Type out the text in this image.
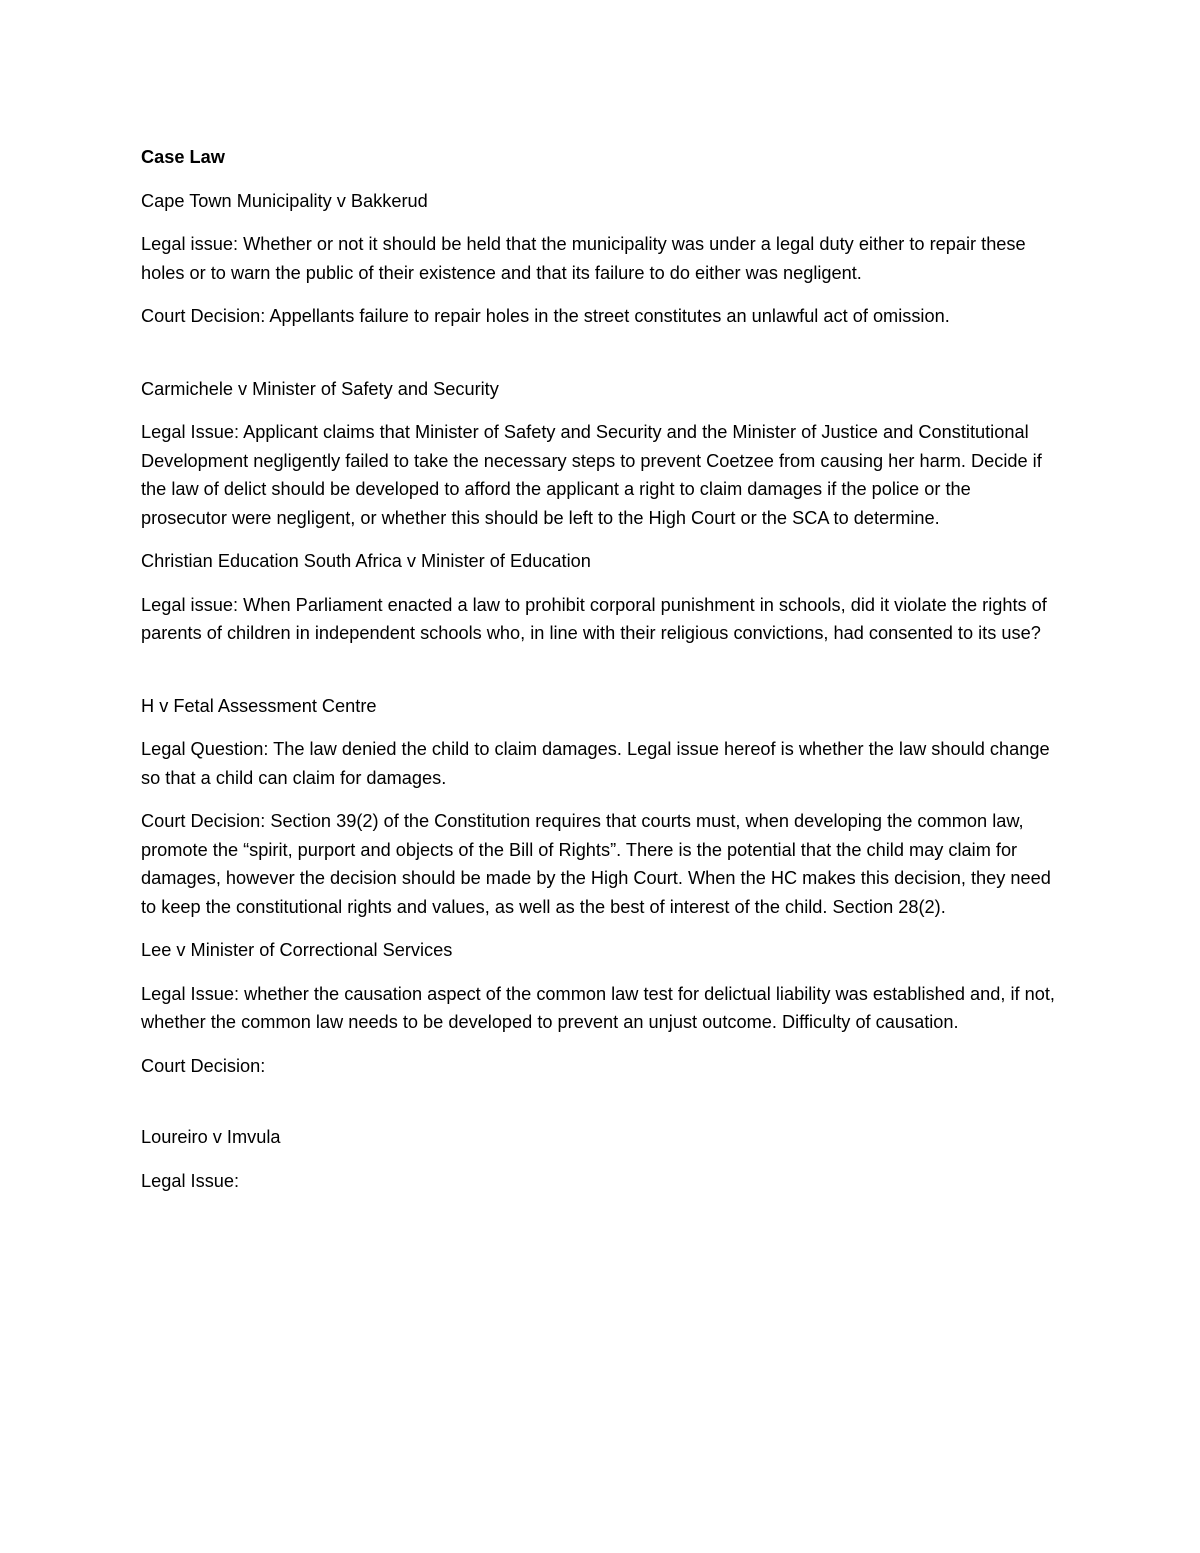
Case Law

Cape Town Municipality v Bakkerud

Legal issue: Whether or not it should be held that the municipality was under a legal duty either to repair these holes or to warn the public of their existence and that its failure to do either was negligent.

Court Decision: Appellants failure to repair holes in the street constitutes an unlawful act of omission.

Carmichele v Minister of Safety and Security

Legal Issue: Applicant claims that Minister of Safety and Security and the Minister of Justice and Constitutional Development negligently failed to take the necessary steps to prevent Coetzee from causing her harm. Decide if the law of delict should be developed to afford the applicant a right to claim damages if the police or the prosecutor were negligent, or whether this should be left to the High Court or the SCA to determine.

Christian Education South Africa v Minister of Education

Legal issue: When Parliament enacted a law to prohibit corporal punishment in schools, did it violate the rights of parents of children in independent schools who, in line with their religious convictions, had consented to its use?

H v Fetal Assessment Centre

Legal Question: The law denied the child to claim damages. Legal issue hereof is whether the law should change so that a child can claim for damages.

Court Decision: Section 39(2) of the Constitution requires that courts must, when developing the common law, promote the “spirit, purport and objects of the Bill of Rights”. There is the potential that the child may claim for damages, however the decision should be made by the High Court. When the HC makes this decision, they need to keep the constitutional rights and values, as well as the best of interest of the child. Section 28(2).

Lee v Minister of Correctional Services

Legal Issue: whether the causation aspect of the common law test for delictual liability was established and, if not, whether the common law needs to be developed to prevent an unjust outcome. Difficulty of causation.

Court Decision:

Loureiro v Imvula

Legal Issue:
